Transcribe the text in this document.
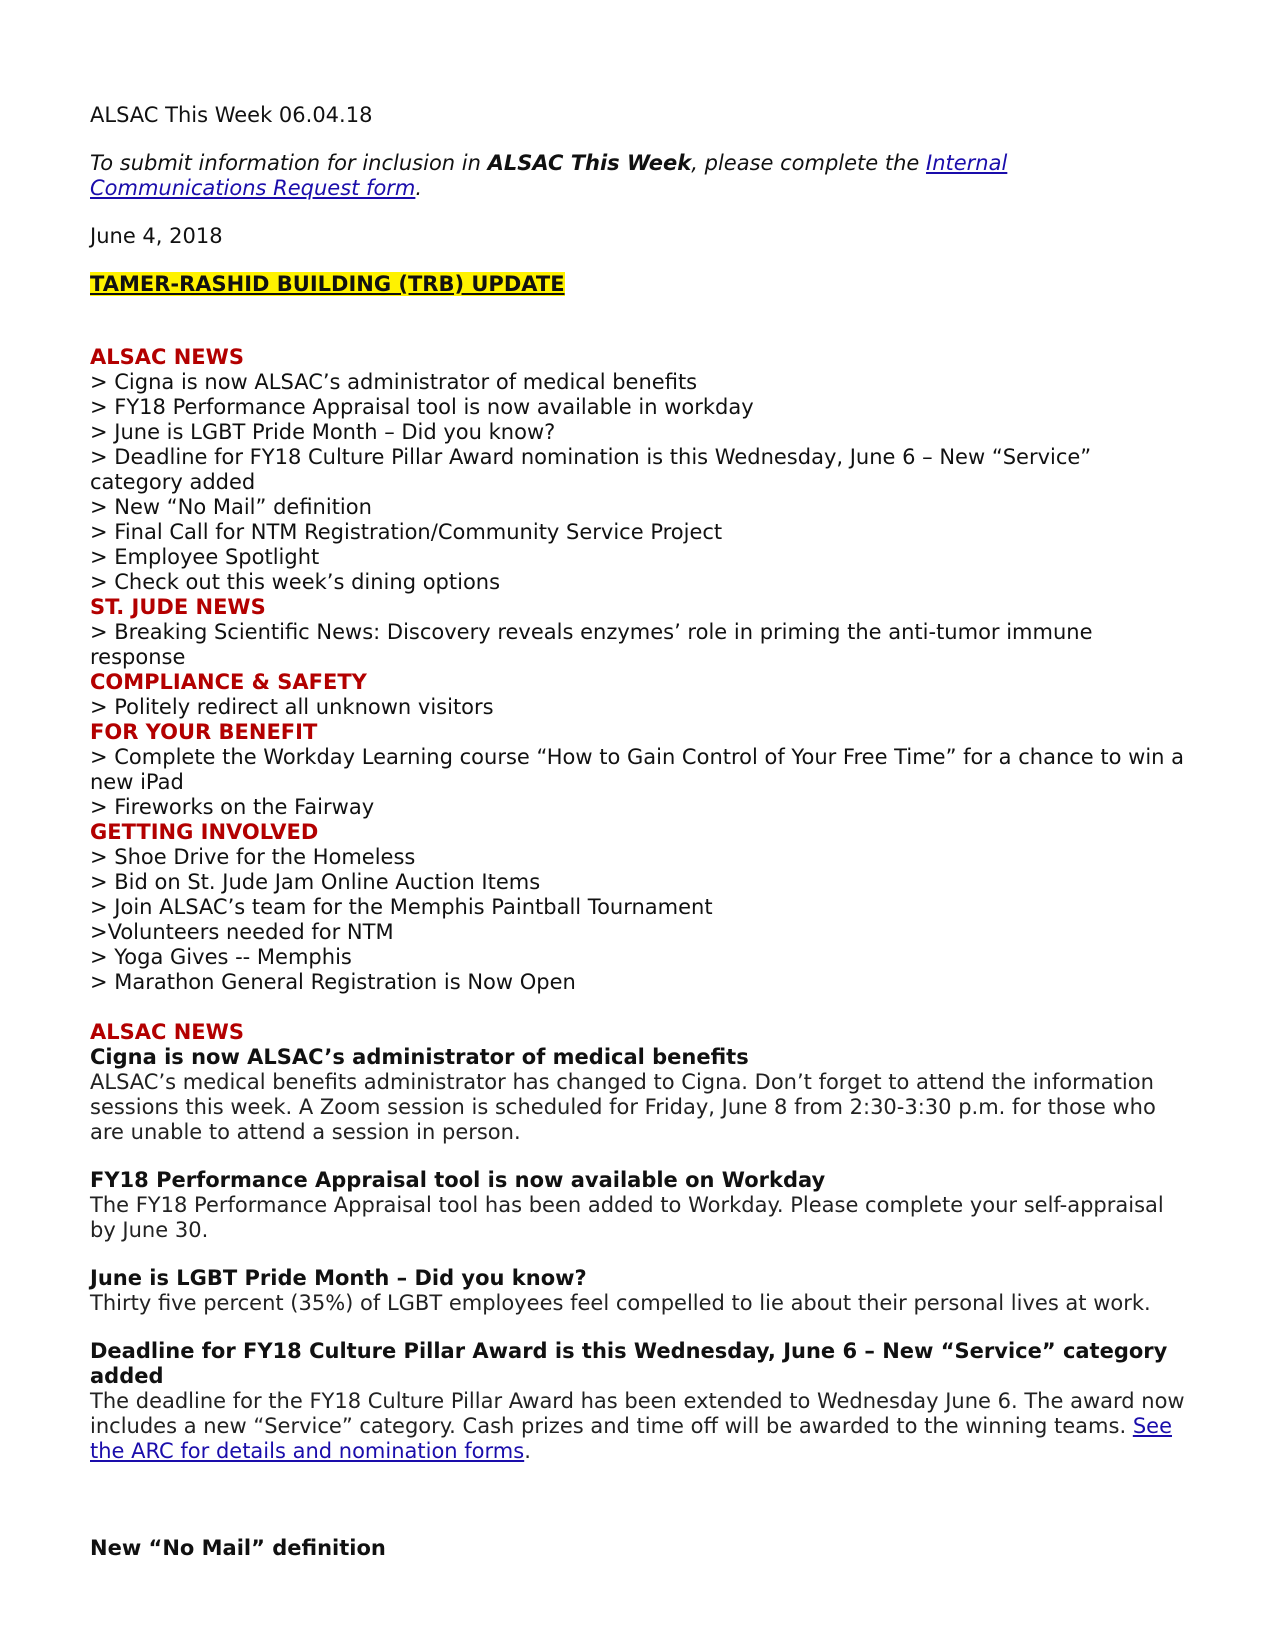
ALSAC This Week 06.04.18
To submit information for inclusion in ALSAC This Week, please complete the Internal Communications Request form.
June 4, 2018
TAMER-RASHID BUILDING (TRB) UPDATE
ALSAC NEWS
> Cigna is now ALSAC’s administrator of medical benefits
> FY18 Performance Appraisal tool is now available in workday
> June is LGBT Pride Month – Did you know?
> Deadline for FY18 Culture Pillar Award nomination is this Wednesday, June 6 – New “Service” category added
> New “No Mail” definition
> Final Call for NTM Registration/Community Service Project
> Employee Spotlight
> Check out this week’s dining options
ST. JUDE NEWS
> Breaking Scientific News: Discovery reveals enzymes’ role in priming the anti-tumor immune response
COMPLIANCE & SAFETY
> Politely redirect all unknown visitors
FOR YOUR BENEFIT
> Complete the Workday Learning course “How to Gain Control of Your Free Time” for a chance to win a new iPad
> Fireworks on the Fairway
GETTING INVOLVED
> Shoe Drive for the Homeless
> Bid on St. Jude Jam Online Auction Items
> Join ALSAC’s team for the Memphis Paintball Tournament
>Volunteers needed for NTM
> Yoga Gives -- Memphis
> Marathon General Registration is Now Open
ALSAC NEWS
Cigna is now ALSAC’s administrator of medical benefits
ALSAC’s medical benefits administrator has changed to Cigna. Don’t forget to attend the information sessions this week. A Zoom session is scheduled for Friday, June 8 from 2:30-3:30 p.m. for those who are unable to attend a session in person.
FY18 Performance Appraisal tool is now available on Workday
The FY18 Performance Appraisal tool has been added to Workday. Please complete your self-appraisal by June 30.
June is LGBT Pride Month – Did you know?
Thirty five percent (35%) of LGBT employees feel compelled to lie about their personal lives at work.
Deadline for FY18 Culture Pillar Award is this Wednesday, June 6 – New “Service” category added
The deadline for the FY18 Culture Pillar Award has been extended to Wednesday June 6. The award now includes a new “Service” category. Cash prizes and time off will be awarded to the winning teams. See the ARC for details and nomination forms.
New “No Mail” definition
